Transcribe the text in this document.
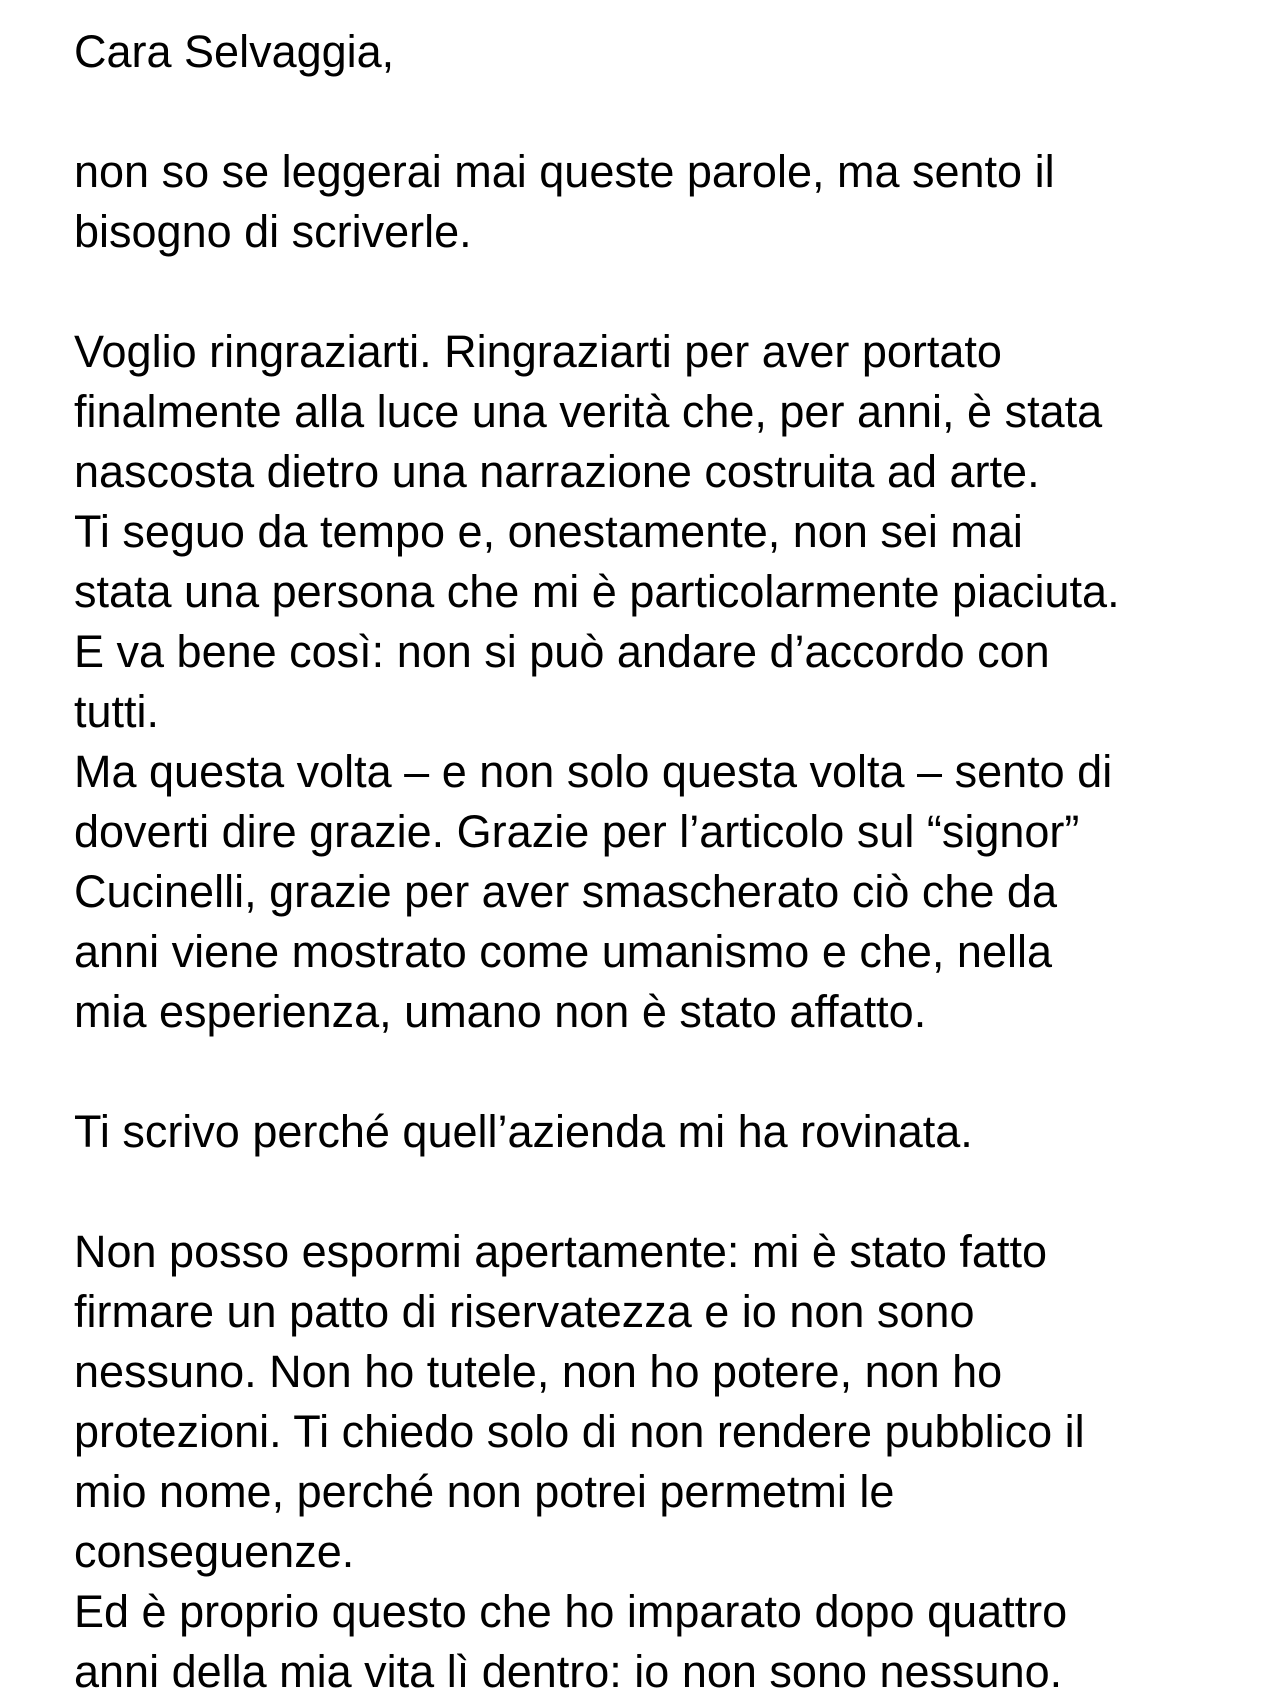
Cara Selvaggia,
non so se leggerai mai queste parole, ma sento il
bisogno di scriverle.
Voglio ringraziarti. Ringraziarti per aver portato
finalmente alla luce una verità che, per anni, è stata
nascosta dietro una narrazione costruita ad arte.
Ti seguo da tempo e, onestamente, non sei mai
stata una persona che mi è particolarmente piaciuta.
E va bene così: non si può andare d’accordo con
tutti.
Ma questa volta – e non solo questa volta – sento di
doverti dire grazie. Grazie per l’articolo sul “signor”
Cucinelli, grazie per aver smascherato ciò che da
anni viene mostrato come umanismo e che, nella
mia esperienza, umano non è stato affatto.
Ti scrivo perché quell’azienda mi ha rovinata.
Non posso espormi apertamente: mi è stato fatto
firmare un patto di riservatezza e io non sono
nessuno. Non ho tutele, non ho potere, non ho
protezioni. Ti chiedo solo di non rendere pubblico il
mio nome, perché non potrei permetmi le
conseguenze.
Ed è proprio questo che ho imparato dopo quattro
anni della mia vita lì dentro: io non sono nessuno.
